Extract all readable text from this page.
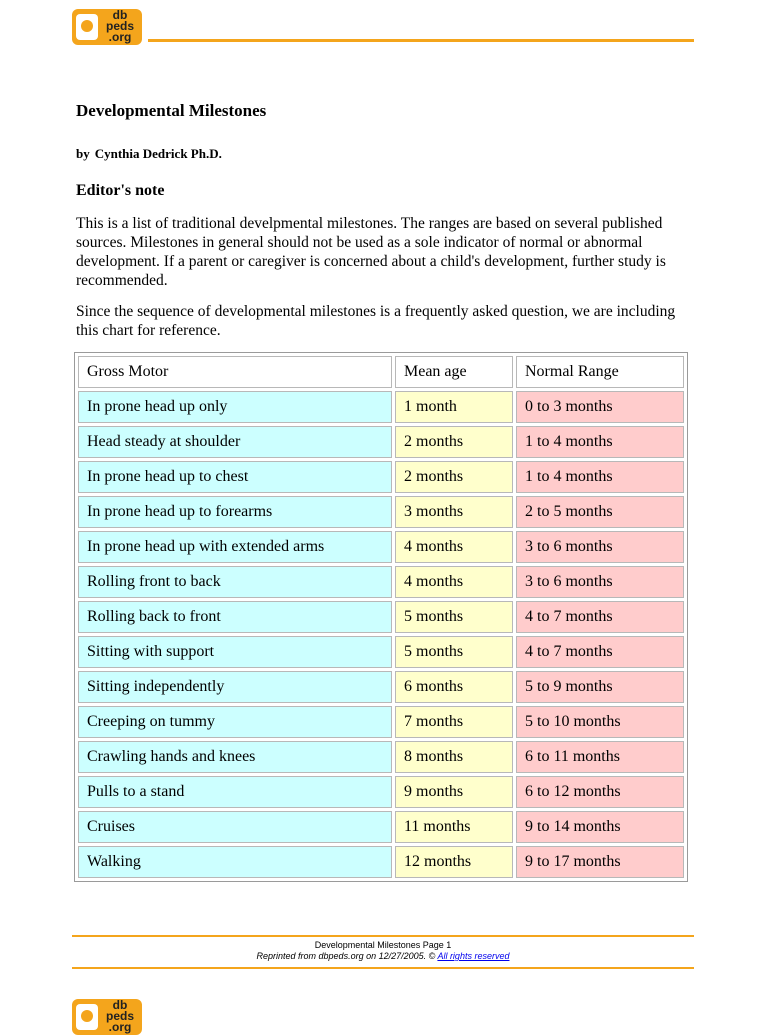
db
peds
.org
Developmental Milestones
by Cynthia Dedrick Ph.D.
Editor's note
This is a list of traditional develpmental milestones. The ranges are based on several published sources. Milestones in general should not be used as a sole indicator of normal or abnormal development. If a parent or caregiver is concerned about a child's development, further study is recommended.
Since the sequence of developmental milestones is a frequently asked question, we are including this chart for reference.
Gross Motor	Mean age	Normal Range
In prone head up only	1 month	0 to 3 months
Head steady at shoulder	2 months	1 to 4 months
In prone head up to chest	2 months	1 to 4 months
In prone head up to forearms	3 months	2 to 5 months
In prone head up with extended arms	4 months	3 to 6 months
Rolling front to back	4 months	3 to 6 months
Rolling back to front	5 months	4 to 7 months
Sitting with support	5 months	4 to 7 months
Sitting independently	6 months	5 to 9 months
Creeping on tummy	7 months	5 to 10 months
Crawling hands and knees	8 months	6 to 11 months
Pulls to a stand	9 months	6 to 12 months
Cruises	11 months	9 to 14 months
Walking	12 months	9 to 17 months
Developmental Milestones Page 1
Reprinted from dbpeds.org on 12/27/2005. © All rights reserved
db
peds
.org
